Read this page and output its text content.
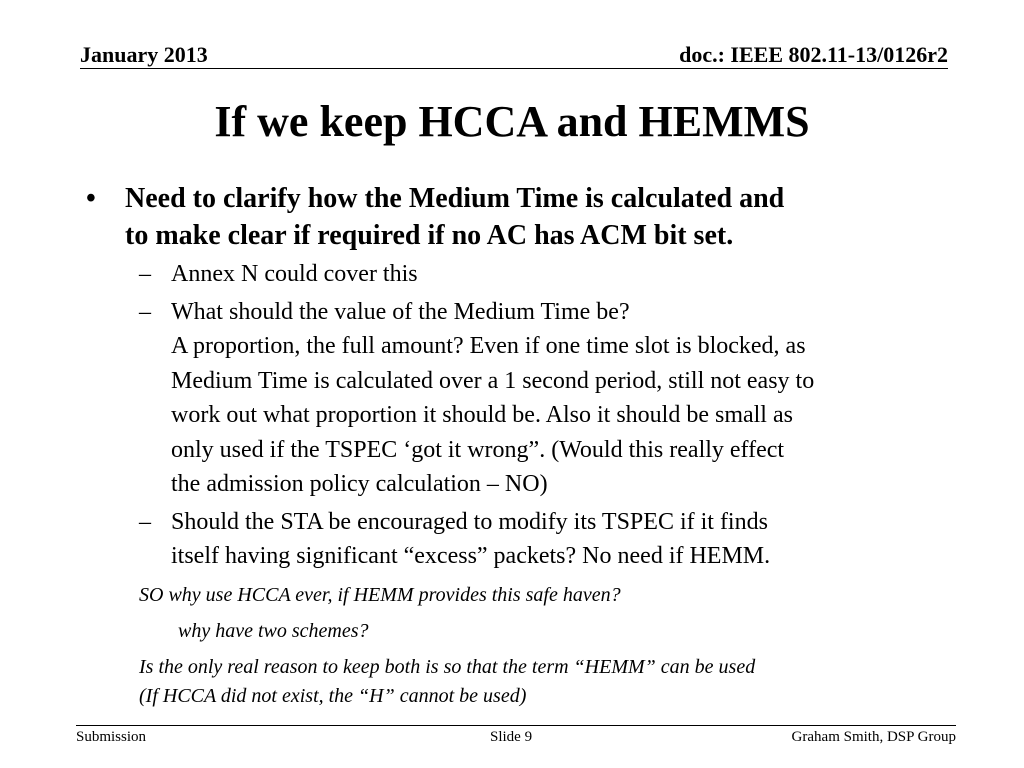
January 2013	doc.: IEEE 802.11-13/0126r2
If we keep HCCA and HEMMS
• Need to clarify how the Medium Time is calculated and
to make clear if required if no AC has ACM bit set.
– Annex N could cover this
– What should the value of the Medium Time be?
A proportion, the full amount? Even if one time slot is blocked, as
Medium Time is calculated over a 1 second period, still not easy to
work out what proportion it should be. Also it should be small as
only used if the TSPEC ‘got it wrong”. (Would this really effect
the admission policy calculation – NO)
– Should the STA be encouraged to modify its TSPEC if it finds
itself having significant “excess” packets? No need if HEMM.
SO why use HCCA ever, if HEMM provides this safe haven?
why have two schemes?
Is the only real reason to keep both is so that the term “HEMM” can be used
(If HCCA did not exist, the “H” cannot be used)
Submission	Slide 9	Graham Smith, DSP Group
